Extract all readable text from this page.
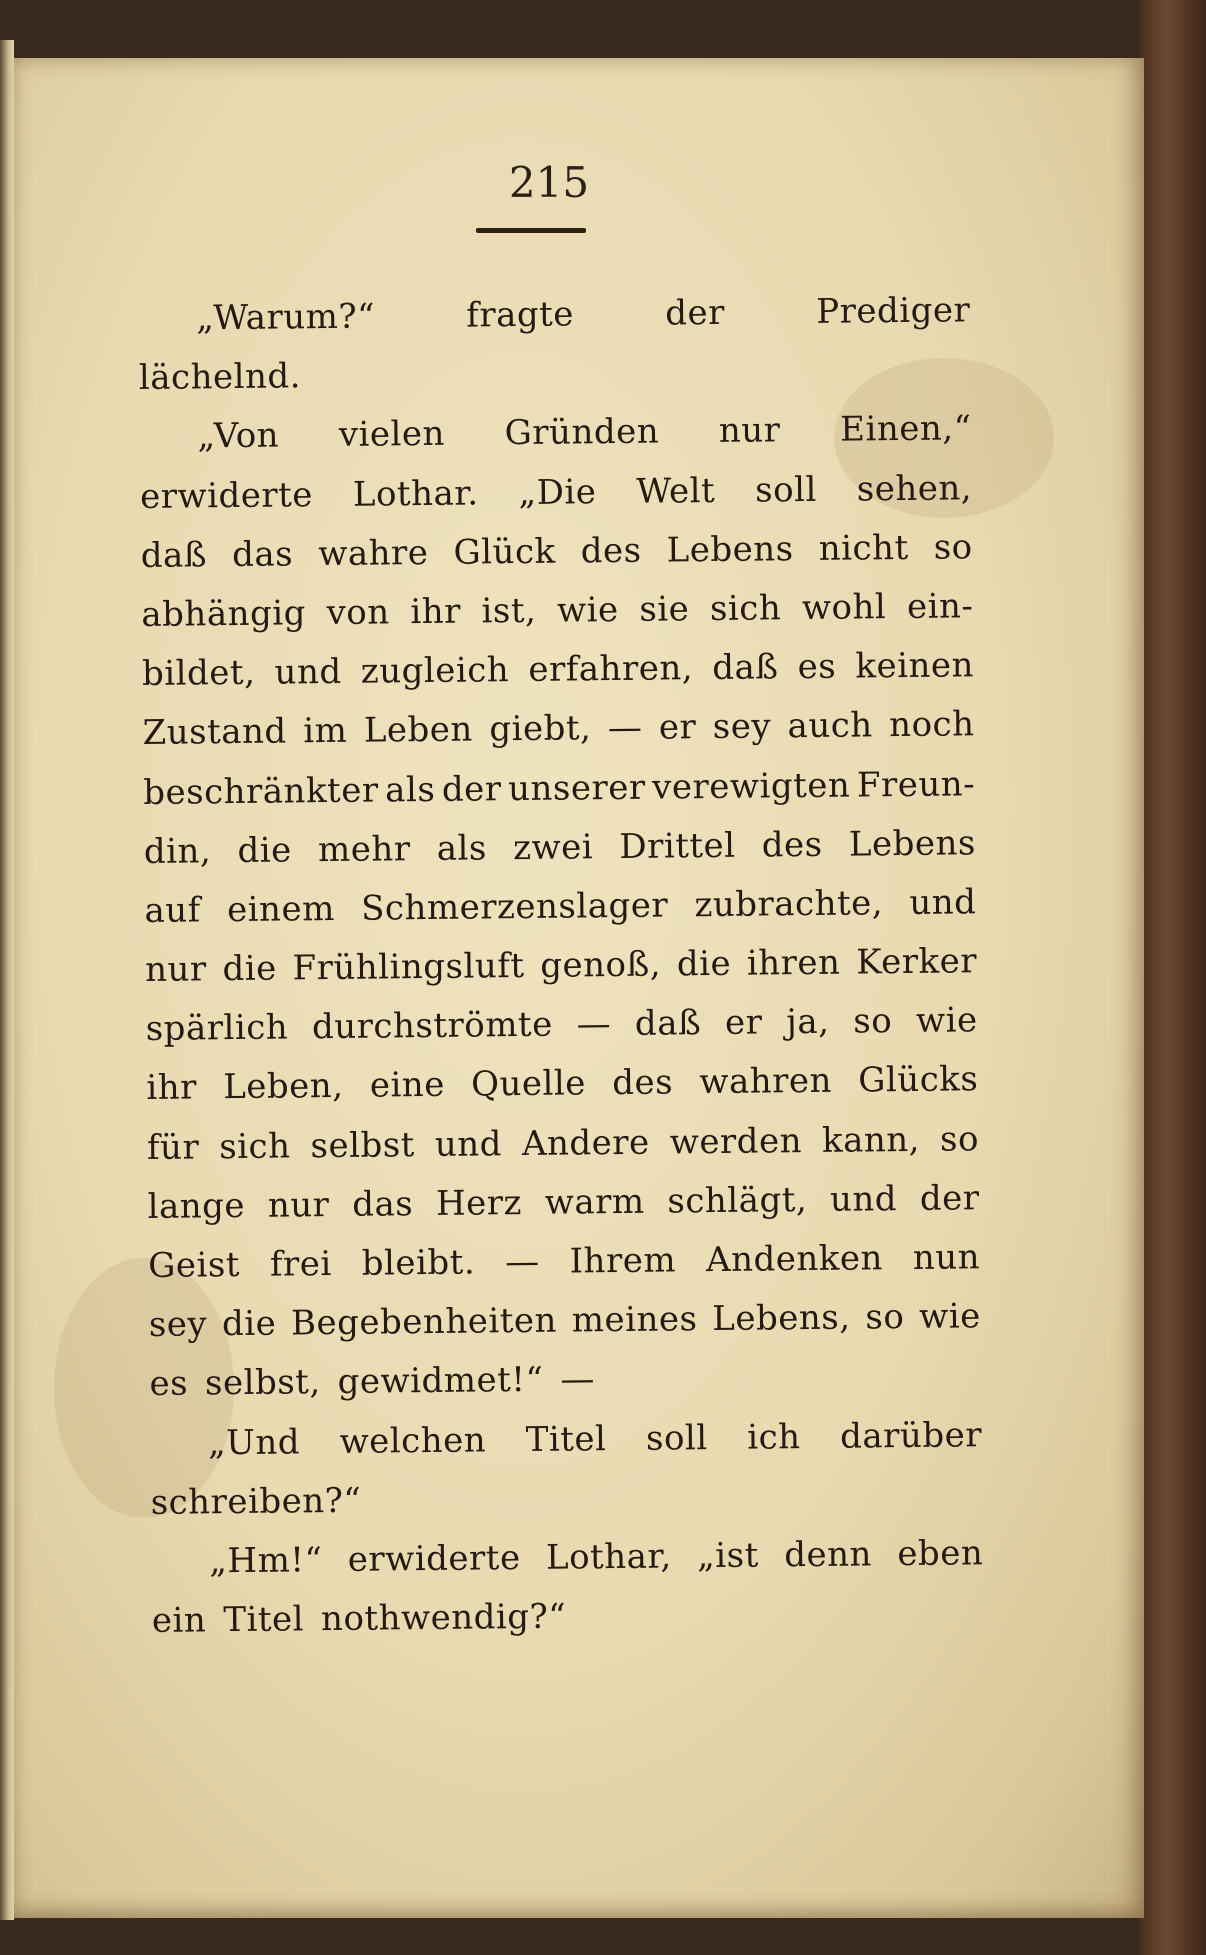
215
„Warum?“	fragte	der	Prediger
lächelnd.
„Von vielen Gründen nur Einen,“
erwiderte Lothar. „Die Welt soll sehen,
daß das wahre Glück des Lebens nicht so
abhängig von ihr ist, wie sie sich wohl ein-
bildet, und zugleich erfahren, daß es keinen
Zustand im Leben giebt, — er sey auch noch
beschränkter als der unserer verewigten Freun-
din, die mehr als zwei Drittel des Lebens
auf einem Schmerzenslager zubrachte, und
nur die Frühlingsluft genoß, die ihren Kerker
spärlich durchströmte — daß er ja, so wie
ihr Leben, eine Quelle des wahren Glücks
für sich selbst und Andere werden kann, so
lange nur das Herz warm schlägt, und der
Geist frei bleibt. — Ihrem Andenken nun
sey die Begebenheiten meines Lebens, so wie
es selbst, gewidmet!“ —
„Und welchen Titel soll ich darüber
schreiben?“
„Hm!“ erwiderte Lothar, „ist denn eben
ein Titel nothwendig?“
